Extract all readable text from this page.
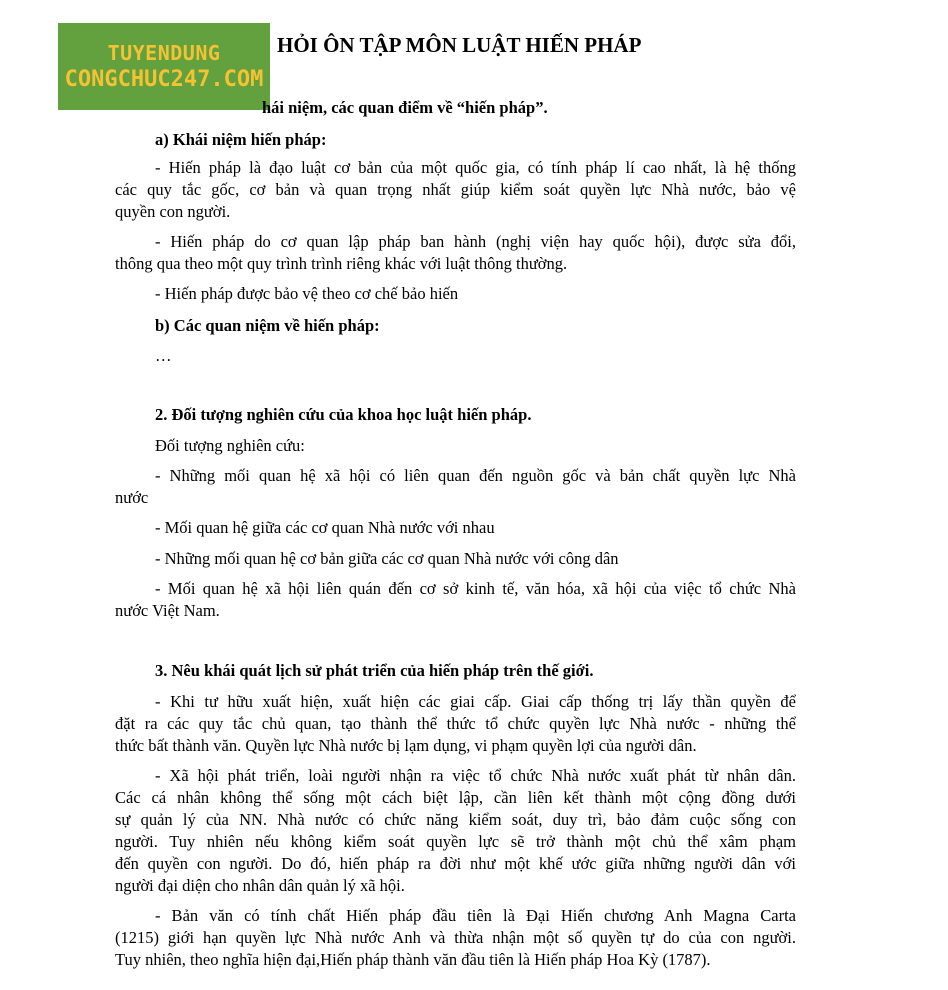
TUYENDUNG
CONGCHUC247.COM
HỎI ÔN TẬP MÔN LUẬT HIẾN PHÁP
hái niệm, các quan điểm về “hiến pháp”.
a) Khái niệm hiến pháp:
- Hiến pháp là đạo luật cơ bản của một quốc gia, có tính pháp lí cao nhất, là hệ thống
các quy tắc gốc, cơ bản và quan trọng nhất giúp kiểm soát quyền lực Nhà nước, bảo vệ
quyền con người.
- Hiến pháp do cơ quan lập pháp ban hành (nghị viện hay quốc hội), được sửa đổi,
thông qua theo một quy trình trình riêng khác với luật thông thường.
- Hiến pháp được bảo vệ theo cơ chế bảo hiến
b) Các quan niệm về hiến pháp:
…
2. Đối tượng nghiên cứu của khoa học luật hiến pháp.
Đối tượng nghiên cứu:
- Những mối quan hệ xã hội có liên quan đến nguồn gốc và bản chất quyền lực Nhà
nước
- Mối quan hệ giữa các cơ quan Nhà nước với nhau
- Những mối quan hệ cơ bản giữa các cơ quan Nhà nước với công dân
- Mối quan hệ xã hội liên quán đến cơ sở kinh tế, văn hóa, xã hội của việc tổ chức Nhà
nước Việt Nam.
3. Nêu khái quát lịch sử phát triển của hiến pháp trên thế giới.
- Khi tư hữu xuất hiện, xuất hiện các giai cấp. Giai cấp thống trị lấy thần quyền để
đặt ra các quy tắc chủ quan, tạo thành thể thức tổ chức quyền lực Nhà nước - những thể
thức bất thành văn. Quyền lực Nhà nước bị lạm dụng, vi phạm quyền lợi của người dân.
- Xã hội phát triển, loài người nhận ra việc tổ chức Nhà nước xuất phát từ nhân dân.
Các cá nhân không thể sống một cách biệt lập, cần liên kết thành một cộng đồng dưới
sự quản lý của NN. Nhà nước có chức năng kiểm soát, duy trì, bảo đảm cuộc sống con
người. Tuy nhiên nếu không kiểm soát quyền lực sẽ trở thành một chủ thể xâm phạm
đến quyền con người. Do đó, hiến pháp ra đời như một khế ước giữa những người dân với
người đại diện cho nhân dân quản lý xã hội.
- Bản văn có tính chất Hiến pháp đầu tiên là Đại Hiến chương Anh Magna Carta
(1215) giới hạn quyền lực Nhà nước Anh và thừa nhận một số quyền tự do của con người.
Tuy nhiên, theo nghĩa hiện đại,Hiến pháp thành văn đầu tiên là Hiến pháp Hoa Kỳ (1787).
